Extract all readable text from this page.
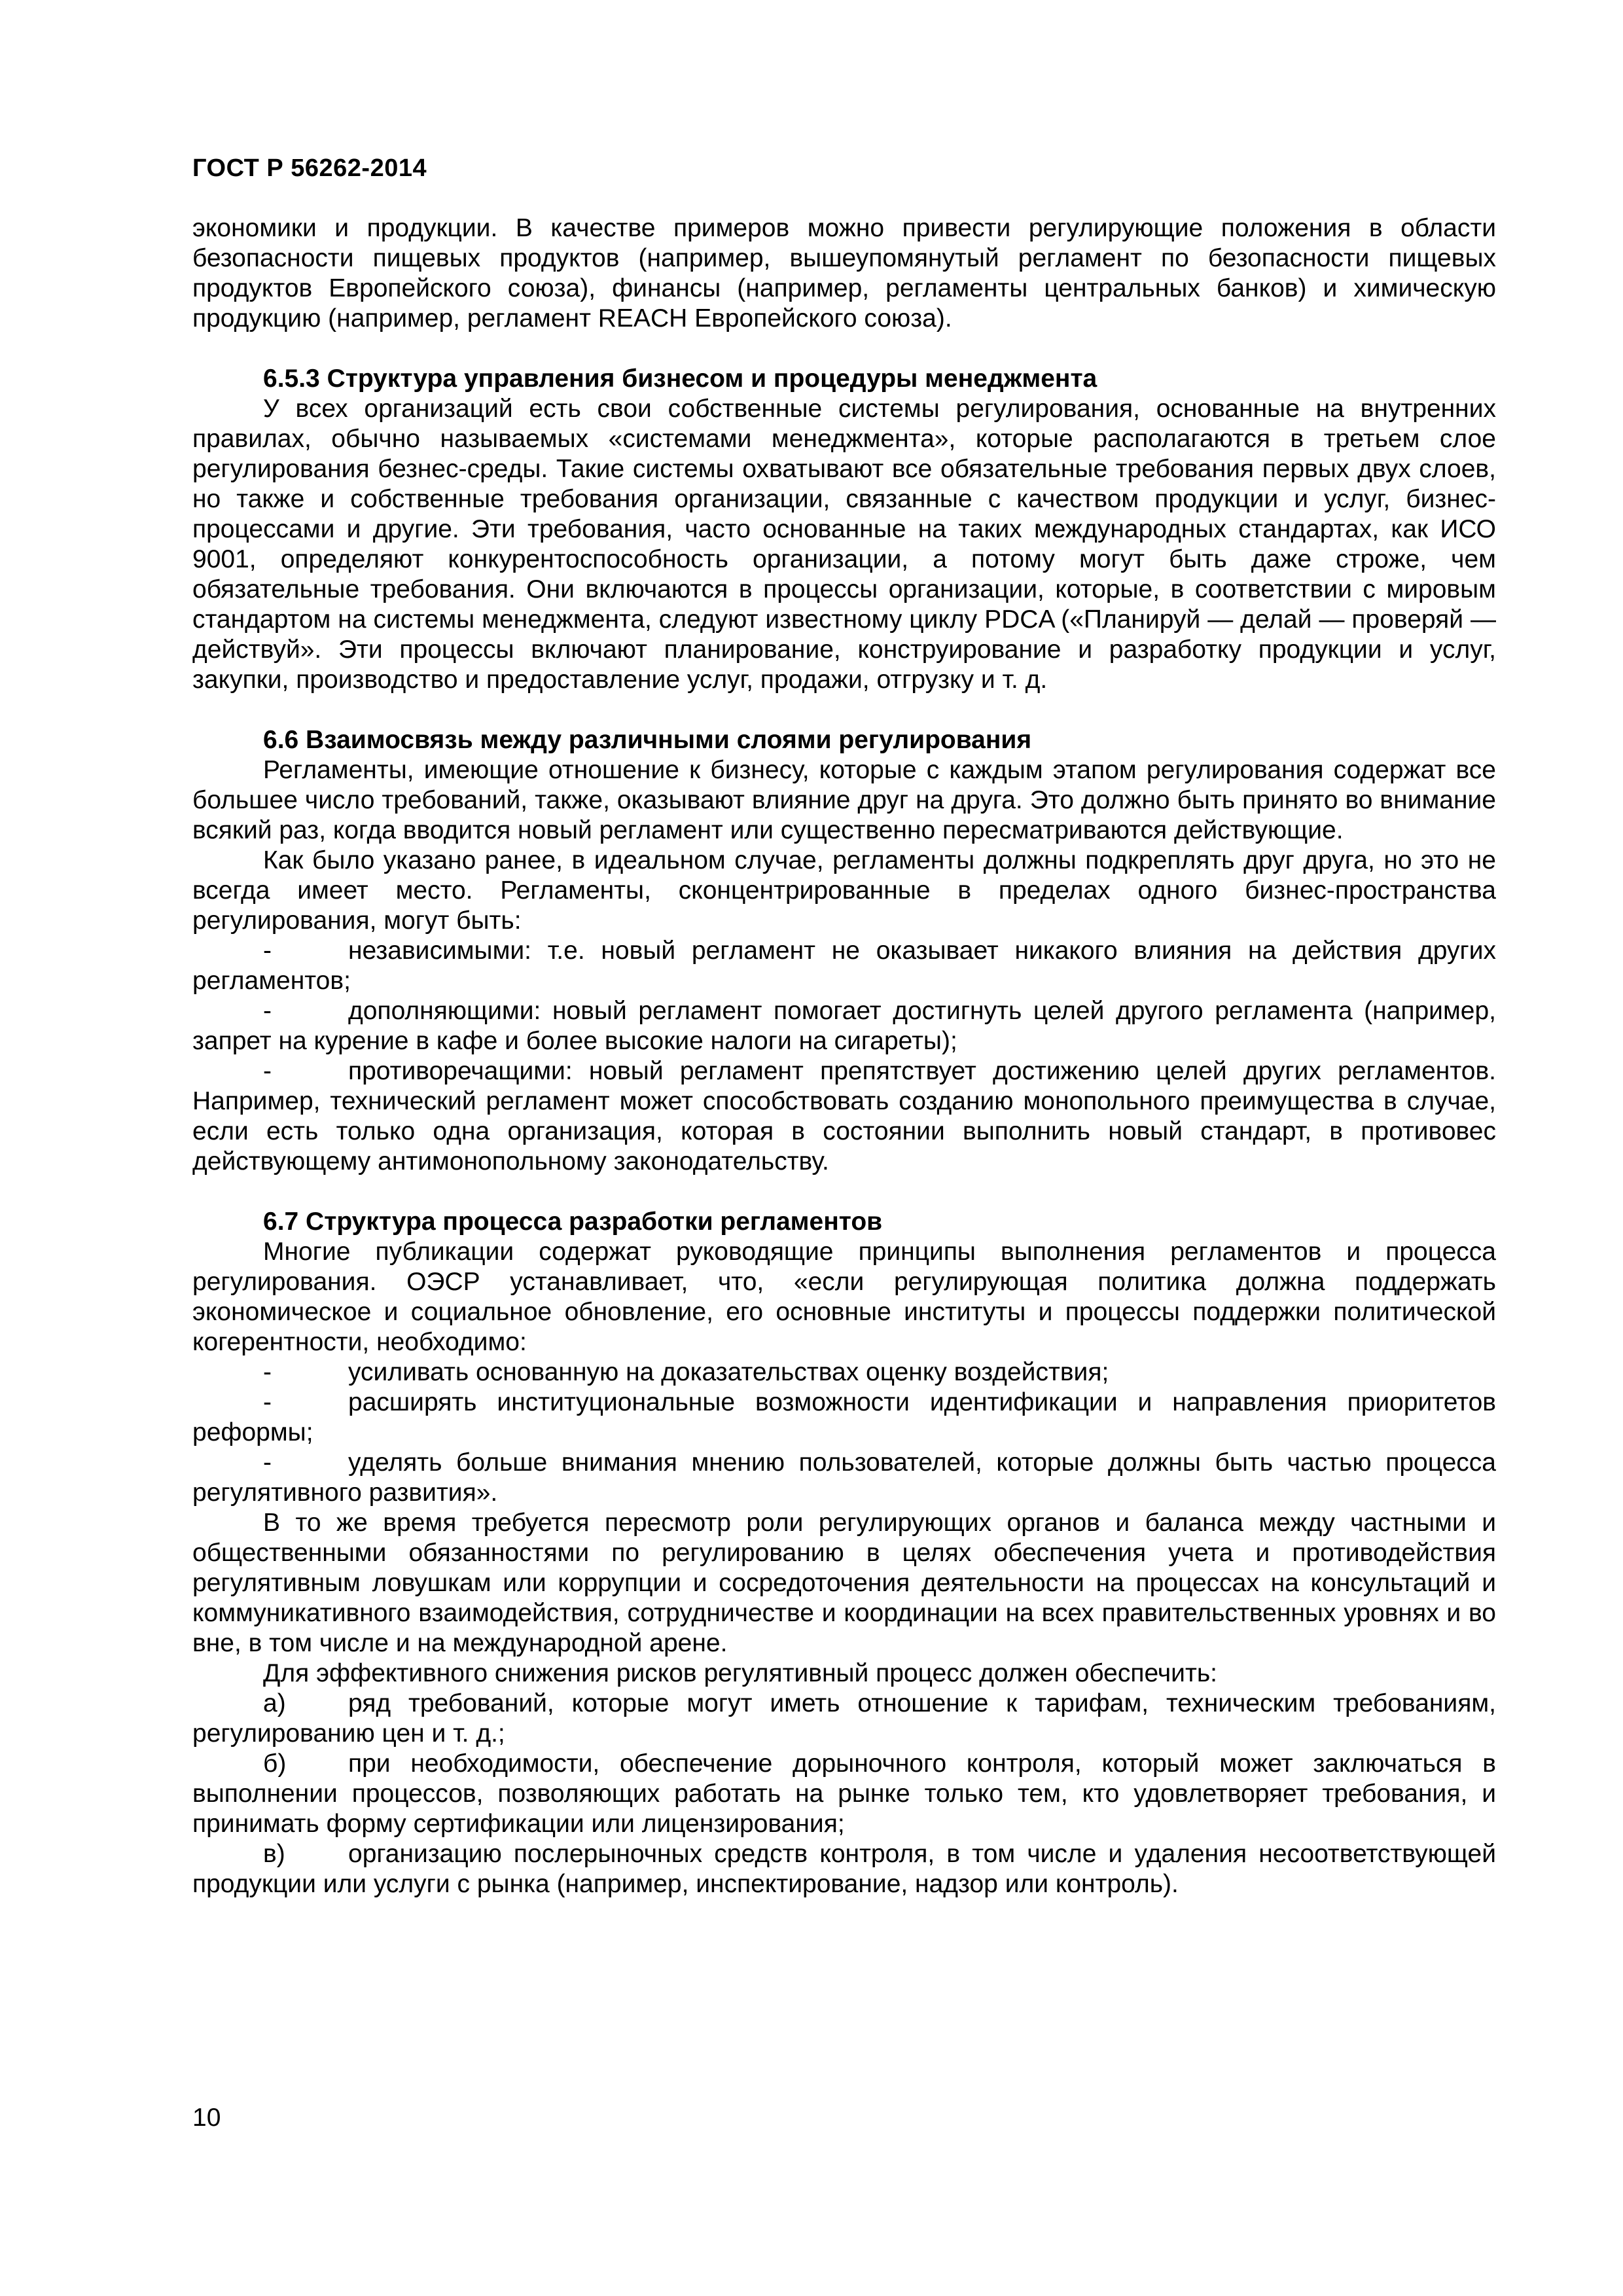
ГОСТ Р 56262-2014

экономики и продукции. В качестве примеров можно привести регулирующие положения в области безопасности пищевых продуктов (например, вышеупомянутый регламент по безопасности пищевых продуктов Европейского союза), финансы (например, регламенты центральных банков) и химическую продукцию (например, регламент REACH Европейского союза).

6.5.3 Структура управления бизнесом и процедуры менеджмента

У всех организаций есть свои собственные системы регулирования, основанные на внутренних правилах, обычно называемых «системами менеджмента», которые располагаются в третьем слое регулирования безнес-среды. Такие системы охватывают все обязательные требования первых двух слоев, но также и собственные требования организации, связанные с качеством продукции и услуг, бизнес-процессами и другие. Эти требования, часто основанные на таких международных стандартах, как ИСО 9001, определяют конкурентоспособность организации, а потому могут быть даже строже, чем обязательные требования. Они включаются в процессы организации, которые, в соответствии с мировым стандартом на системы менеджмента, следуют известному циклу PDCA («Планируй — делай — проверяй — действуй». Эти процессы включают планирование, конструирование и разработку продукции и услуг, закупки, производство и предоставление услуг, продажи, отгрузку и т. д.

6.6 Взаимосвязь между различными слоями регулирования

Регламенты, имеющие отношение к бизнесу, которые с каждым этапом регулирования содержат все большее число требований, также, оказывают влияние друг на друга. Это должно быть принято во внимание всякий раз, когда вводится новый регламент или существенно пересматриваются действующие.

Как было указано ранее, в идеальном случае, регламенты должны подкреплять друг друга, но это не всегда имеет место. Регламенты, сконцентрированные в пределах одного бизнес-пространства регулирования, могут быть:

-	независимыми: т.е. новый регламент не оказывает никакого влияния на действия других регламентов;

-	дополняющими: новый регламент помогает достигнуть целей другого регламента (например, запрет на курение в кафе и более высокие налоги на сигареты);

-	противоречащими: новый регламент препятствует достижению целей других регламентов. Например, технический регламент может способствовать созданию монопольного преимущества в случае, если есть только одна организация, которая в состоянии выполнить новый стандарт, в противовес действующему антимонопольному законодательству.

6.7 Структура процесса разработки регламентов

Многие публикации содержат руководящие принципы выполнения регламентов и процесса регулирования. ОЭСР устанавливает, что, «если регулирующая политика должна поддержать экономическое и социальное обновление, его основные институты и процессы поддержки политической когерентности, необходимо:

-	усиливать основанную на доказательствах оценку воздействия;

-	расширять институциональные возможности идентификации и направления приоритетов реформы;

-	уделять больше внимания мнению пользователей, которые должны быть частью процесса регулятивного развития».

В то же время требуется пересмотр роли регулирующих органов и баланса между частными и общественными обязанностями по регулированию в целях обеспечения учета и противодействия регулятивным ловушкам или коррупции и сосредоточения деятельности на процессах на консультаций и коммуникативного взаимодействия, сотрудничестве и координации на всех правительственных уровнях и во вне, в том числе и на международной арене.

Для эффективного снижения рисков регулятивный процесс должен обеспечить:

а) ряд требований, которые могут иметь отношение к тарифам, техническим требованиям, регулированию цен и т. д.;

б) при необходимости, обеспечение дорыночного контроля, который может заключаться в выполнении процессов, позволяющих работать на рынке только тем, кто удовлетворяет требования, и принимать форму сертификации или лицензирования;

в) организацию послерыночных средств контроля, в том числе и удаления несоответствующей продукции или услуги с рынка (например, инспектирование, надзор или контроль).

10
